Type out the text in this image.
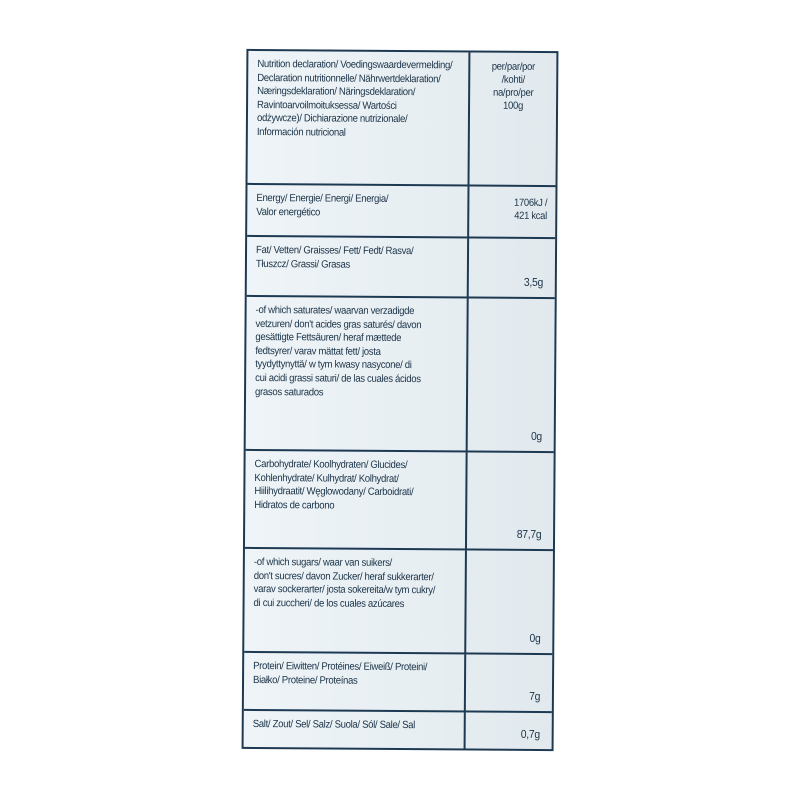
Nutrition declaration/ Voedingswaardevermelding/
Declaration nutritionnelle/ Nährwertdeklaration/
Næringsdeklaration/ Näringsdeklaration/
Ravintoarvoilmoituksessa/ Wartości
odżywcze)/ Dichiarazione nutrizionale/
Información nutricional
per/par/por
/kohti/
na/pro/per
100g
Energy/ Energie/ Energi/ Energia/
Valor energético
1706kJ /
421 kcal
Fat/ Vetten/ Graisses/ Fett/ Fedt/ Rasva/
Tłuszcz/ Grassi/ Grasas
3,5g
-of which saturates/ waarvan verzadigde
vetzuren/ don't acides gras saturés/ davon
gesättigte Fettsäuren/ heraf mættede
fedtsyrer/ varav mättat fett/ josta
tyydyttynyttä/ w tym kwasy nasycone/ di
cui acidi grassi saturi/ de las cuales ácidos
grasos saturados
0g
Carbohydrate/ Koolhydraten/ Glucides/
Kohlenhydrate/ Kulhydrat/ Kolhydrat/
Hiilihydraatit/ Węglowodany/ Carboidrati/
Hidratos de carbono
87,7g
-of which sugars/ waar van suikers/
don't sucres/ davon Zucker/ heraf sukkerarter/
varav sockerarter/ josta sokereita/w tym cukry/
di cui zuccheri/ de los cuales azúcares
0g
Protein/ Eiwitten/ Protéines/ Eiweiß/ Proteini/
Białko/ Proteine/ Proteínas
7g
Salt/ Zout/ Sel/ Salz/ Suola/ Sól/ Sale/ Sal
0,7g
